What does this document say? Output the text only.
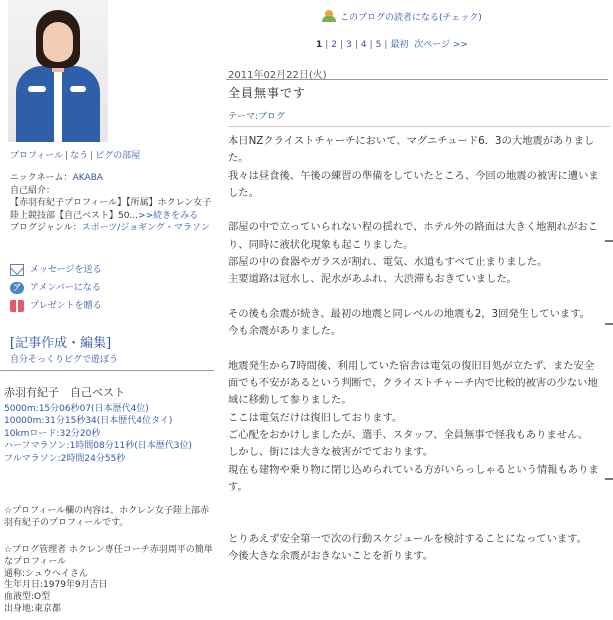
プロフィール | なう | ピグの部屋
ニックネーム：AKABA
自己紹介：
【赤羽有紀子プロフィール】【所属】ホクレン女子陸上競技部【自己ベスト】50...>>続きをみる
ブログジャンル：スポーツ/ジョギング・マラソン
メッセージを送る
ア	アメンバーになる
プレゼントを贈る
[記事作成・編集]
自分そっくりピグで遊ぼう
赤羽有紀子　自己ベスト
5000m:15分06秒07(日本歴代4位)
10000m:31分15秒34(日本歴代4位タイ)
10kmロード:32分20秒
ハーフマラソン:1時間08分11秒(日本歴代3位)
フルマラソン:2時間24分55秒
☆プロフィール欄の内容は、ホクレン女子陸上部赤羽有紀子のプロフィールです。
☆ブログ管理者 ホクレン専任コーチ赤羽周平の簡単なプロフィール
通称:シュウヘイさん
生年月日:1979年9月吉日
血液型:O型
出身地:東京都
このブログの読者になる(チェック)
1 | 2 | 3 | 4 | 5 | 最初 次ページ >>
2011年02月22日(火)
全員無事です
テーマ:ブログ

本日NZクライストチャーチにおいて、マグニチュード6．3の大地震がありました。

我々は昼食後、午後の練習の準備をしていたところ、今回の地震の被害に遭いました。

部屋の中で立っていられない程の揺れで、ホテル外の路面は大きく地割れがおこり、同時に液状化現象も起こりました。

部屋の中の食器やガラスが割れ、電気、水道もすべて止まりました。

主要道路は冠水し、泥水があふれ、大渋滞もおきていました。

その後も余震が続き、最初の地震と同レベルの地震も2，3回発生しています。

今も余震がありました。

地震発生から7時間後、利用していた宿舎は電気の復旧目処が立たず、また安全面でも不安があるという判断で、クライストチャーチ内で比較的被害の少ない地域に移動して参りました。

ここは電気だけは復旧しております。

ご心配をおかけしましたが、選手、スタッフ、全員無事で怪我もありません。

しかし、街には大きな被害がでております。

現在も建物や乗り物に閉じ込められている方がいらっしゃるという情報もあります。

とりあえず安全第一で次の行動スケジュールを検討することになっています。

今後大きな余震がおきないことを祈ります。
